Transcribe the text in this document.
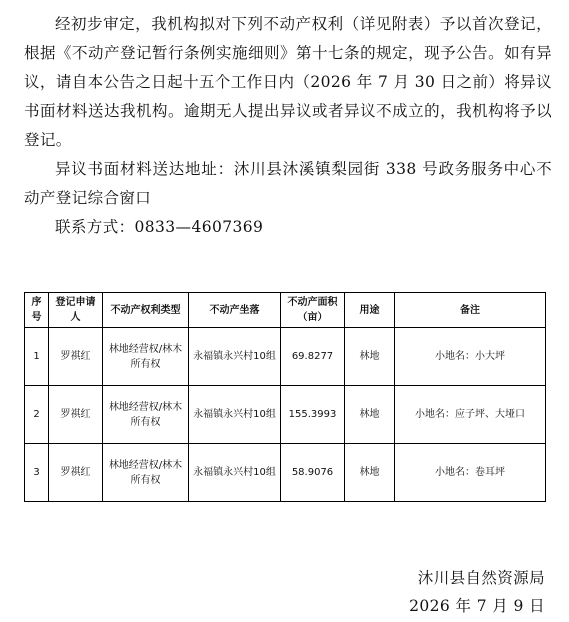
经初步审定，我机构拟对下列不动产权利（详见附表）予以首次登记，根据《不动产登记暂行条例实施细则》第十七条的规定，现予公告。如有异议，请自本公告之日起十五个工作日内（2026 年 7 月 30 日之前）将异议书面材料送达我机构。逾期无人提出异议或者异议不成立的，我机构将予以登记。

异议书面材料送达地址：沐川县沐溪镇梨园街 338 号政务服务中心不动产登记综合窗口

联系方式：0833—4607369

序号	登记申请人	不动产权利类型	不动产坐落	不动产面积（亩）	用途	备注
1	罗祺红	林地经营权/林木所有权	永福镇永兴村10组	69.8277	林地	小地名：小大坪
2	罗祺红	林地经营权/林木所有权	永福镇永兴村10组	155.3993	林地	小地名：应子坪、大垭口
3	罗祺红	林地经营权/林木所有权	永福镇永兴村10组	58.9076	林地	小地名：卷耳坪
沐川县自然资源局
2026 年 7 月 9 日
